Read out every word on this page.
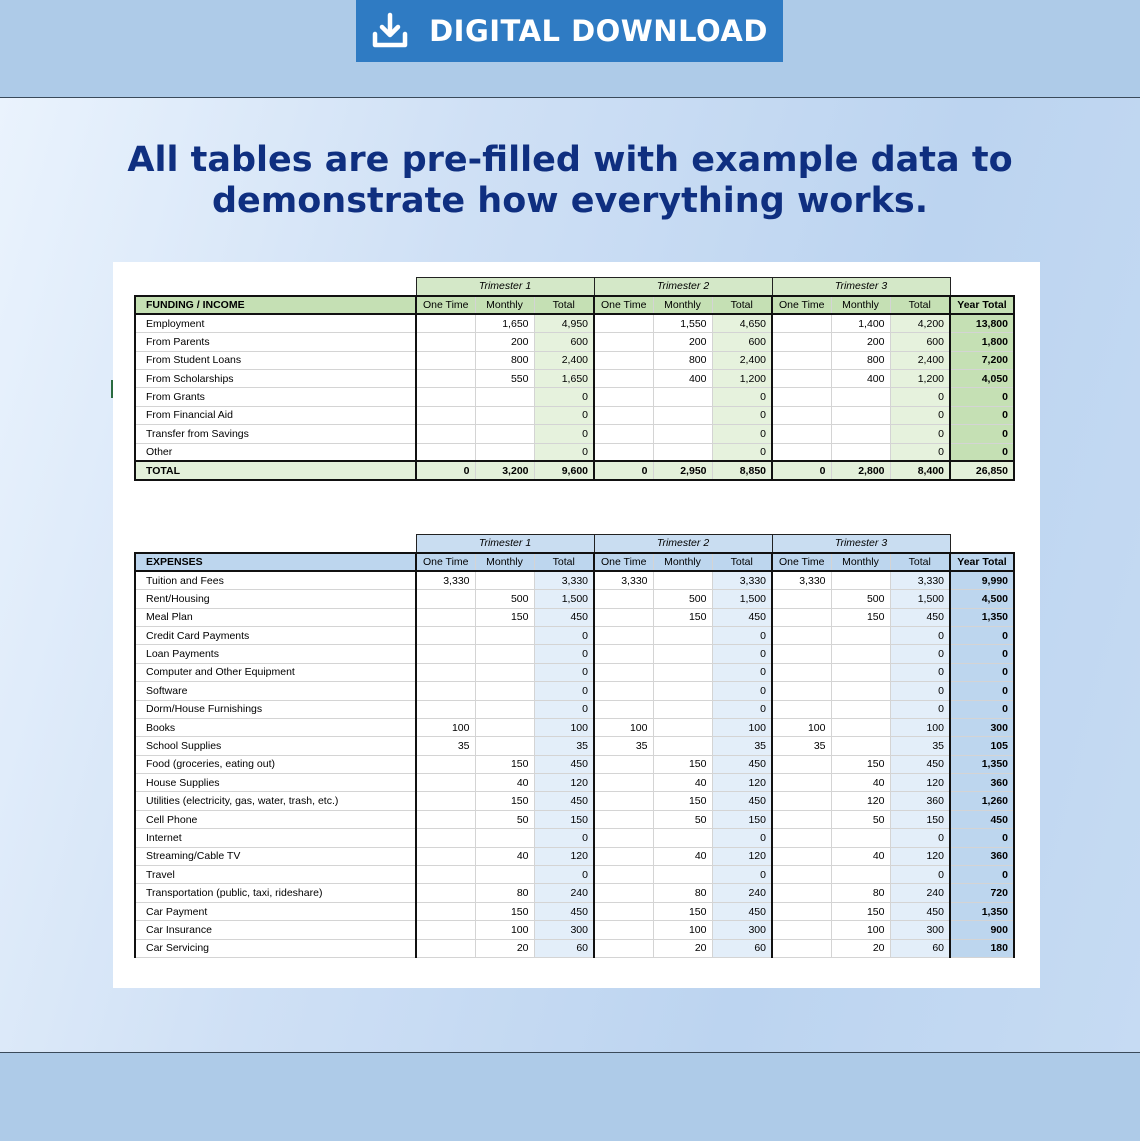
DIGITAL DOWNLOAD
All tables are pre-filled with example data to
demonstrate how everything works.
	Trimester 1			Trimester 2			Trimester 3			
FUNDING / INCOME	One Time	Monthly	Total	One Time	Monthly	Total	One Time	Monthly	Total	Year Total
Employment		1,650	4,950		1,550	4,650		1,400	4,200	13,800
From Parents		200	600		200	600		200	600	1,800
From Student Loans		800	2,400		800	2,400		800	2,400	7,200
From Scholarships		550	1,650		400	1,200		400	1,200	4,050
From Grants			0			0			0	0
From Financial Aid			0			0			0	0
Transfer from Savings			0			0			0	0
Other			0			0			0	0
TOTAL	0	3,200	9,600	0	2,950	8,850	0	2,800	8,400	26,850
	Trimester 1			Trimester 2			Trimester 3			
EXPENSES	One Time	Monthly	Total	One Time	Monthly	Total	One Time	Monthly	Total	Year Total
Tuition and Fees	3,330		3,330	3,330		3,330	3,330		3,330	9,990
Rent/Housing		500	1,500		500	1,500		500	1,500	4,500
Meal Plan		150	450		150	450		150	450	1,350
Credit Card Payments			0			0			0	0
Loan Payments			0			0			0	0
Computer and Other Equipment			0			0			0	0
Software			0			0			0	0
Dorm/House Furnishings			0			0			0	0
Books	100		100	100		100	100		100	300
School Supplies	35		35	35		35	35		35	105
Food (groceries, eating out)		150	450		150	450		150	450	1,350
House Supplies		40	120		40	120		40	120	360
Utilities (electricity, gas, water, trash, etc.)		150	450		150	450		120	360	1,260
Cell Phone		50	150		50	150		50	150	450
Internet			0			0			0	0
Streaming/Cable TV		40	120		40	120		40	120	360
Travel			0			0			0	0
Transportation (public, taxi, rideshare)		80	240		80	240		80	240	720
Car Payment		150	450		150	450		150	450	1,350
Car Insurance		100	300		100	300		100	300	900
Car Servicing		20	60		20	60		20	60	180
